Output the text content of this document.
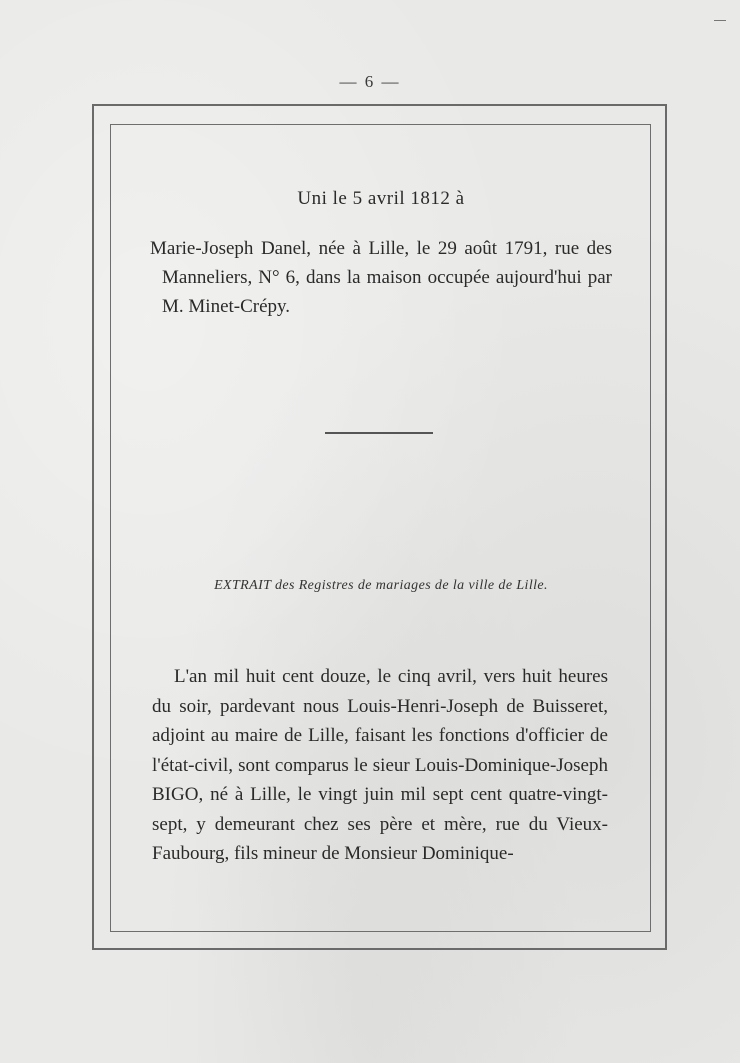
— 6 —

Uni le 5 avril 1812 à

Marie-Joseph Danel, née à Lille, le 29 août 1791, rue des Manneliers, N° 6, dans la maison occupée aujourd'hui par M. Minet-Crépy.

EXTRAIT des Registres de mariages de la ville de Lille.

L'an mil huit cent douze, le cinq avril, vers huit heures du soir, pardevant nous Louis-Henri-Joseph de Buisseret, adjoint au maire de Lille, faisant les fonctions d'officier de l'état-civil, sont comparus le sieur Louis-Dominique-Joseph BIGO, né à Lille, le vingt juin mil sept cent quatre-vingt-sept, y demeurant chez ses père et mère, rue du Vieux-Faubourg, fils mineur de Monsieur Dominique-
